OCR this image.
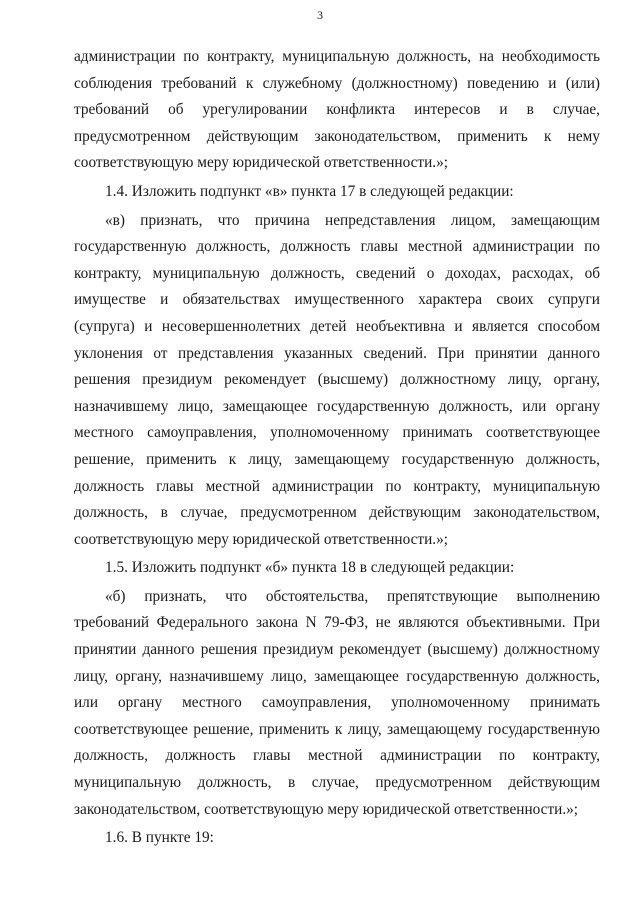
3

администрации по контракту, муниципальную должность, на необходимость соблюдения требований к служебному (должностному) поведению и (или) требований об урегулировании конфликта интересов и в случае, предусмотренном действующим законодательством, применить к нему соответствующую меру юридической ответственности.»;

1.4. Изложить подпункт «в» пункта 17 в следующей редакции:

«в) признать, что причина непредставления лицом, замещающим государственную должность, должность главы местной администрации по контракту, муниципальную должность, сведений о доходах, расходах, об имуществе и обязательствах имущественного характера своих супруги (супруга) и несовершеннолетних детей необъективна и является способом уклонения от представления указанных сведений. При принятии данного решения президиум рекомендует (высшему) должностному лицу, органу, назначившему лицо, замещающее государственную должность, или органу местного самоуправления, уполномоченному принимать соответствующее решение, применить к лицу, замещающему государственную должность, должность главы местной администрации по контракту, муниципальную должность, в случае, предусмотренном действующим законодательством, соответствующую меру юридической ответственности.»;

1.5. Изложить подпункт «б» пункта 18 в следующей редакции:

«б) признать, что обстоятельства, препятствующие выполнению требований Федерального закона N 79-ФЗ, не являются объективными. При принятии данного решения президиум рекомендует (высшему) должностному лицу, органу, назначившему лицо, замещающее государственную должность, или органу местного самоуправления, уполномоченному принимать соответствующее решение, применить к лицу, замещающему государственную должность, должность главы местной администрации по контракту, муниципальную должность, в случае, предусмотренном действующим законодательством, соответствующую меру юридической ответственности.»;

1.6. В пункте 19:
